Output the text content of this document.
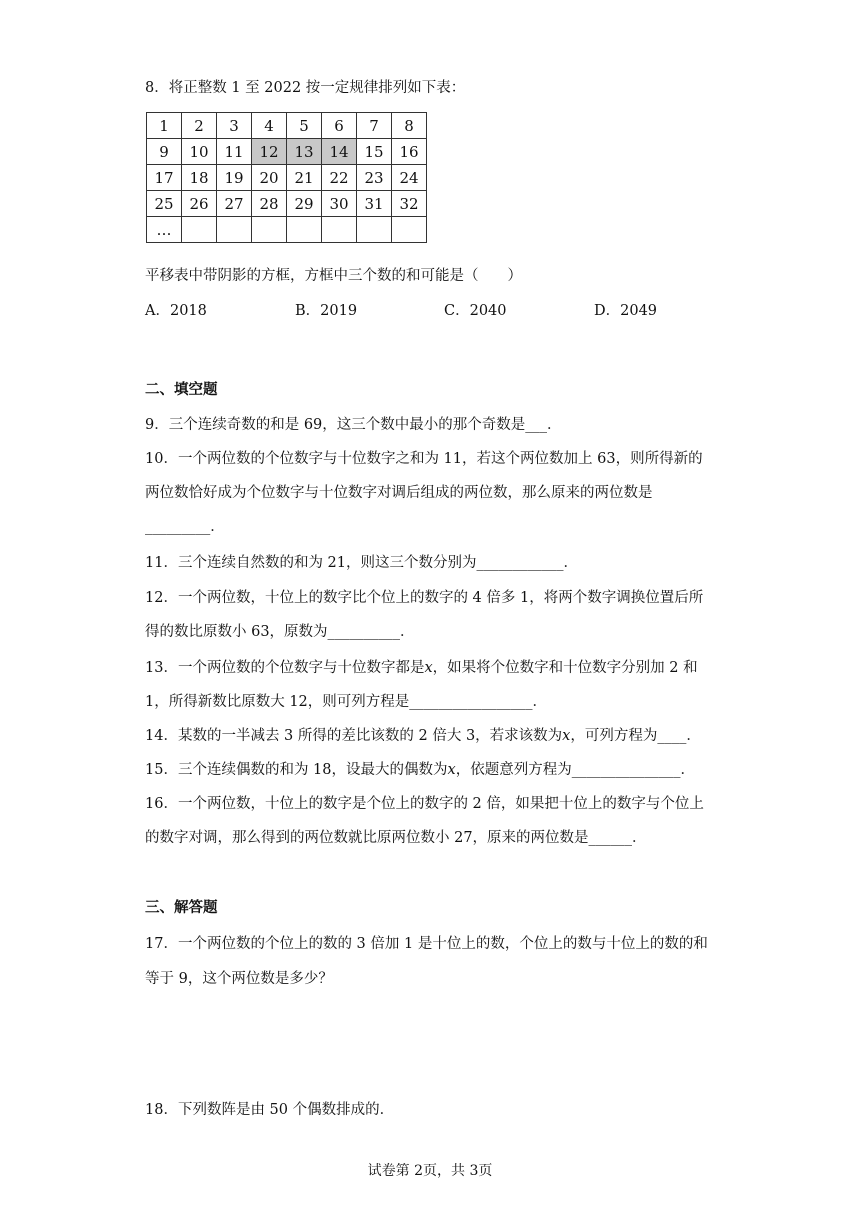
8．将正整数 1 至 2022 按一定规律排列如下表：
1	2	3	4	5	6	7	8
9	10	11	12	13	14	15	16
17	18	19	20	21	22	23	24
25	26	27	28	29	30	31	32
…							
平移表中带阴影的方框，方框中三个数的和可能是（　　）
A．2018	B．2019	C．2040	D．2049
二、填空题
9．三个连续奇数的和是 69，这三个数中最小的那个奇数是___．
10．一个两位数的个位数字与十位数字之和为 11，若这个两位数加上 63，则所得新的
两位数恰好成为个位数字与十位数字对调后组成的两位数，那么原来的两位数是
_________．
11．三个连续自然数的和为 21，则这三个数分别为____________．
12．一个两位数，十位上的数字比个位上的数字的 4 倍多 1，将两个数字调换位置后所
得的数比原数小 63，原数为__________．
13．一个两位数的个位数字与十位数字都是x，如果将个位数字和十位数字分别加 2 和
1，所得新数比原数大 12，则可列方程是_________________．
14．某数的一半减去 3 所得的差比该数的 2 倍大 3，若求该数为x，可列方程为____．
15．三个连续偶数的和为 18，设最大的偶数为x，依题意列方程为_______________．
16．一个两位数，十位上的数字是个位上的数字的 2 倍，如果把十位上的数字与个位上
的数字对调，那么得到的两位数就比原两位数小 27，原来的两位数是______．
三、解答题
17．一个两位数的个位上的数的 3 倍加 1 是十位上的数，个位上的数与十位上的数的和
等于 9，这个两位数是多少？
18．下列数阵是由 50 个偶数排成的．
试卷第 2页，共 3页
